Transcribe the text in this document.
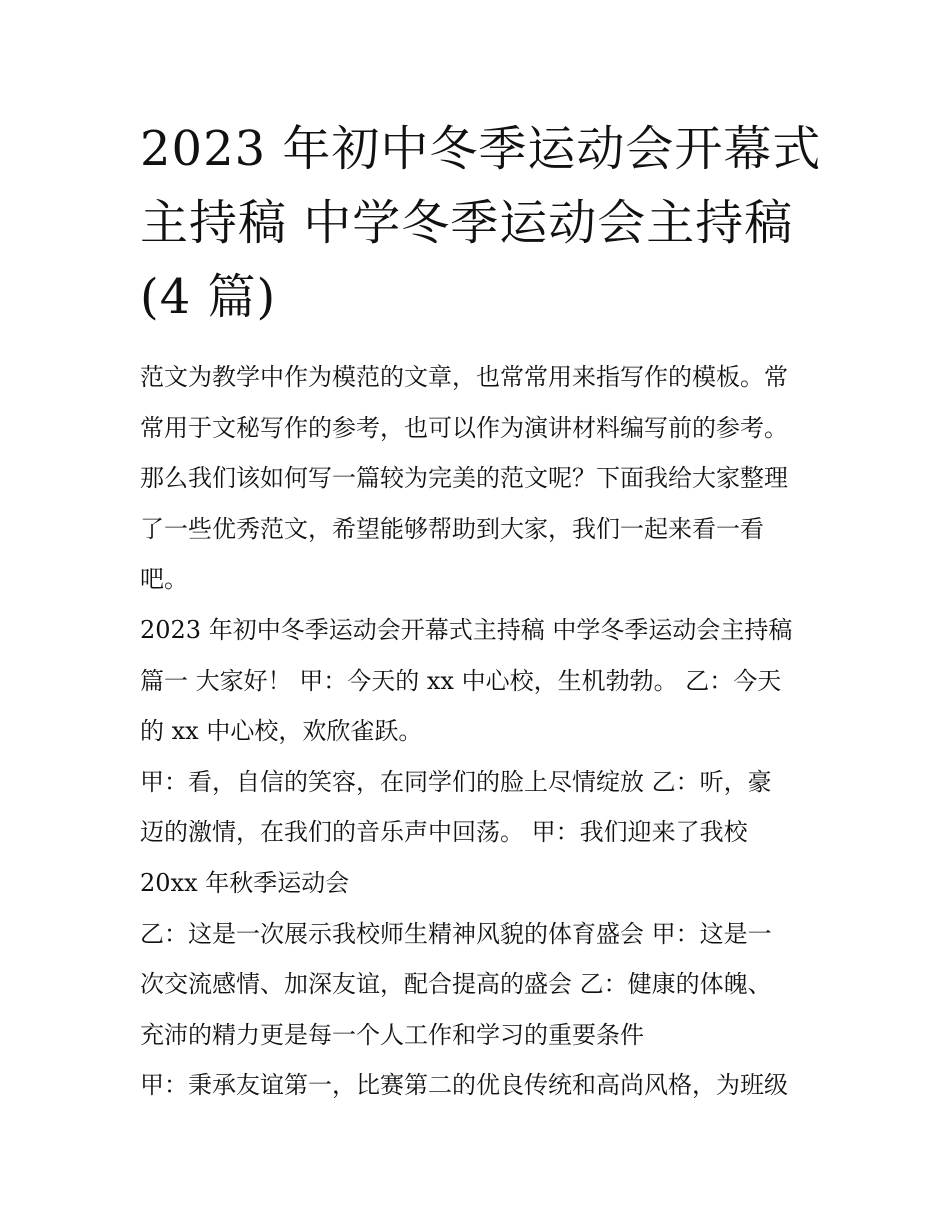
2023 年初中冬季运动会开幕式
主持稿 中学冬季运动会主持稿
(4 篇)
范文为教学中作为模范的文章，也常常用来指写作的模板。常
常用于文秘写作的参考，也可以作为演讲材料编写前的参考。
那么我们该如何写一篇较为完美的范文呢？下面我给大家整理
了一些优秀范文，希望能够帮助到大家，我们一起来看一看
吧。
2023 年初中冬季运动会开幕式主持稿 中学冬季运动会主持稿
篇一 大家好！ 甲：今天的 xx 中心校，生机勃勃。 乙：今天
的 xx 中心校，欢欣雀跃。
甲：看，自信的笑容，在同学们的脸上尽情绽放 乙：听，豪
迈的激情，在我们的音乐声中回荡。 甲：我们迎来了我校
20xx 年秋季运动会
乙：这是一次展示我校师生精神风貌的体育盛会 甲：这是一
次交流感情、加深友谊，配合提高的盛会 乙：健康的体魄、
充沛的精力更是每一个人工作和学习的重要条件
甲：秉承友谊第一，比赛第二的优良传统和高尚风格，为班级
